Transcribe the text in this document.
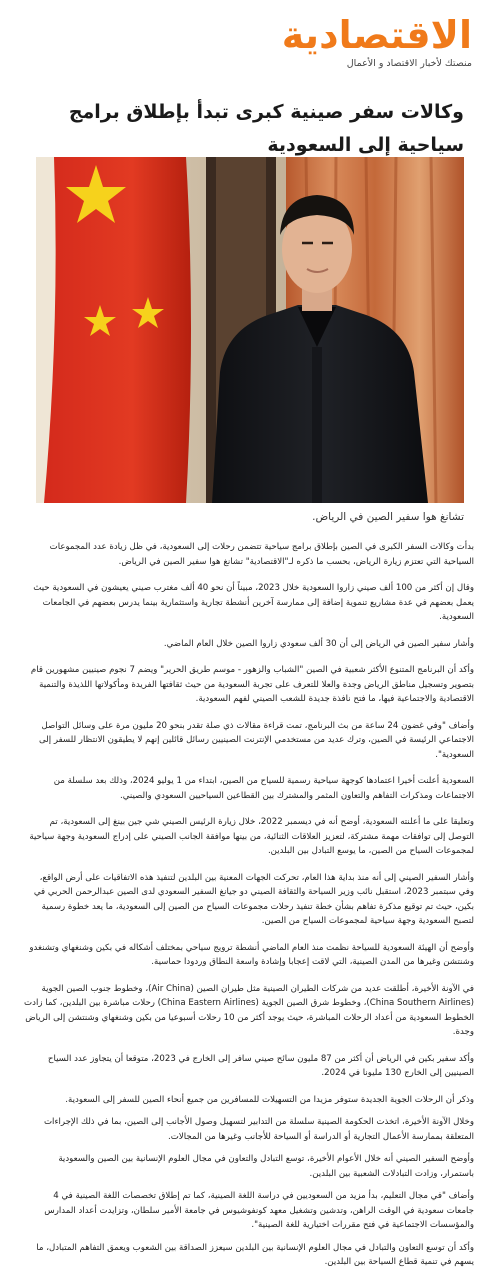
الاقتصادية
منصتك لأخبار الاقتصاد و الأعمال
وكالات سفر صينية كبرى تبدأ بإطلاق برامج سياحية إلى السعودية
تشانغ هوا سفير الصين في الرياض.

بدأت وكالات السفر الكبرى في الصين بإطلاق برامج سياحية تتضمن رحلات إلى السعودية، في ظل زيادة عدد المجموعات السياحية التي تعتزم زيارة الرياض، بحسب ما ذكره لـ"الاقتصادية" تشانغ هوا سفير الصين في الرياض.

وقال إن أكثر من 100 ألف صيني زاروا السعودية خلال 2023، مبيناً أن نحو 40 ألف مغترب صيني يعيشون في السعودية حيث يعمل بعضهم في عدة مشاريع تنموية إضافة إلى ممارسة آخرين أنشطة تجارية واستثمارية بينما يدرس بعضهم في الجامعات السعودية.

وأشار سفير الصين في الرياض إلى أن 30 ألف سعودي زاروا الصين خلال العام الماضي.

وأكد أن البرنامج المتنوع الأكثر شعبية في الصين "الشباب والزهور - موسم طريق الحرير" ويضم 7 نجوم صينيين مشهورين قام بتصوير وتسجيل مناطق الرياض وجدة والعلا للتعرف على تجربة السعودية من حيث ثقافتها الفريدة ومأكولاتها اللذيذة والتنمية الاقتصادية والاجتماعية فيها، ما فتح نافذة جديدة للشعب الصيني لفهم السعودية.

وأضاف "وفي غضون 24 ساعة من بث البرنامج، تمت قراءة مقالات ذي صلة تقدر بنحو 20 مليون مرة على وسائل التواصل الاجتماعي الرئيسة في الصين، وترك عديد من مستخدمي الإنترنت الصينيين رسائل قائلين إنهم لا يطيقون الانتظار للسفر إلى السعودية".

السعودية أعلنت أخيرا اعتمادها كوجهة سياحية رسمية للسياح من الصين، ابتداء من 1 يوليو 2024، وذلك بعد سلسلة من الاجتماعات ومذكرات التفاهم والتعاون المثمر والمشترك بين القطاعين السياحيين السعودي والصيني.

وتعليقا على ما أعلنته السعودية، أوضح أنه في ديسمبر 2022، خلال زيارة الرئيس الصيني شي جين بينغ إلى السعودية، تم التوصل إلى توافقات مهمة مشتركة، لتعزيز العلاقات الثنائية، من بينها موافقة الجانب الصيني على إدراج السعودية وجهة سياحية لمجموعات السياح من الصين، ما يوسع التبادل بين البلدين.

وأشار السفير الصيني إلى أنه منذ بداية هذا العام، تحركت الجهات المعنية بين البلدين لتنفيذ هذه الاتفاقيات على أرض الواقع، وفي سبتمبر 2023، استقبل نائب وزير السياحة والثقافة الصيني دو جيانغ السفير السعودي لدى الصين عبدالرحمن الحربي في بكين، حيث تم توقيع مذكرة تفاهم بشأن خطة تنفيذ رحلات مجموعات السياح من الصين إلى السعودية، ما يعد خطوة رسمية لتصبح السعودية وجهة سياحية لمجموعات السياح من الصين.

وأوضح أن الهيئة السعودية للسياحة نظمت منذ العام الماضي أنشطة ترويج سياحي بمختلف أشكاله في بكين وشنغهاي وتشنغدو وشنتشن وغيرها من المدن الصينية، التي لاقت إعجابا وإشادة واسعة النطاق وردودا حماسية.

في الآونة الأخيرة، أطلقت عديد من شركات الطيران الصينية مثل طيران الصين (Air China)، وخطوط جنوب الصين الجوية (China Southern Airlines)، وخطوط شرق الصين الجوية (China Eastern Airlines) رحلات مباشرة بين البلدين، كما زادت الخطوط السعودية من أعداد الرحلات المباشرة، حيث يوجد أكثر من 10 رحلات أسبوعيا من بكين وشنغهاي وشنتشن إلى الرياض وجدة.

وأكد سفير بكين في الرياض أن أكثر من 87 مليون سائح صيني سافر إلى الخارج في 2023، متوقعا أن يتجاوز عدد السياح الصينيين إلى الخارج 130 مليونا في 2024.

وذكر أن الرحلات الجوية الجديدة ستوفر مزيدا من التسهيلات للمسافرين من جميع أنحاء الصين للسفر إلى السعودية.

وخلال الآونة الأخيرة، اتخذت الحكومة الصينية سلسلة من التدابير لتسهيل وصول الأجانب إلى الصين، بما في ذلك الإجراءات المتعلقة بممارسة الأعمال التجارية أو الدراسة أو السياحة للأجانب وغيرها من المجالات.

وأوضح السفير الصيني أنه خلال الأعوام الأخيرة، توسع التبادل والتعاون في مجال العلوم الإنسانية بين الصين والسعودية باستمرار، وزادت التبادلات الشعبية بين البلدين.

وأضاف "في مجال التعليم، بدأ مزيد من السعوديين في دراسة اللغة الصينية، كما تم إطلاق تخصصات اللغة الصينية في 4 جامعات سعودية في الوقت الراهن، وتدشين وتشغيل معهد كونفوشيوس في جامعة الأمير سلطان، وتزايدت أعداد المدارس والمؤسسات الاجتماعية في فتح مقررات اختيارية للغة الصينية".

وأكد أن توسع التعاون والتبادل في مجال العلوم الإنسانية بين البلدين سيعزز الصداقة بين الشعوب ويعمق التفاهم المتبادل، ما يسهم في تنمية قطاع السياحة بين البلدين.
